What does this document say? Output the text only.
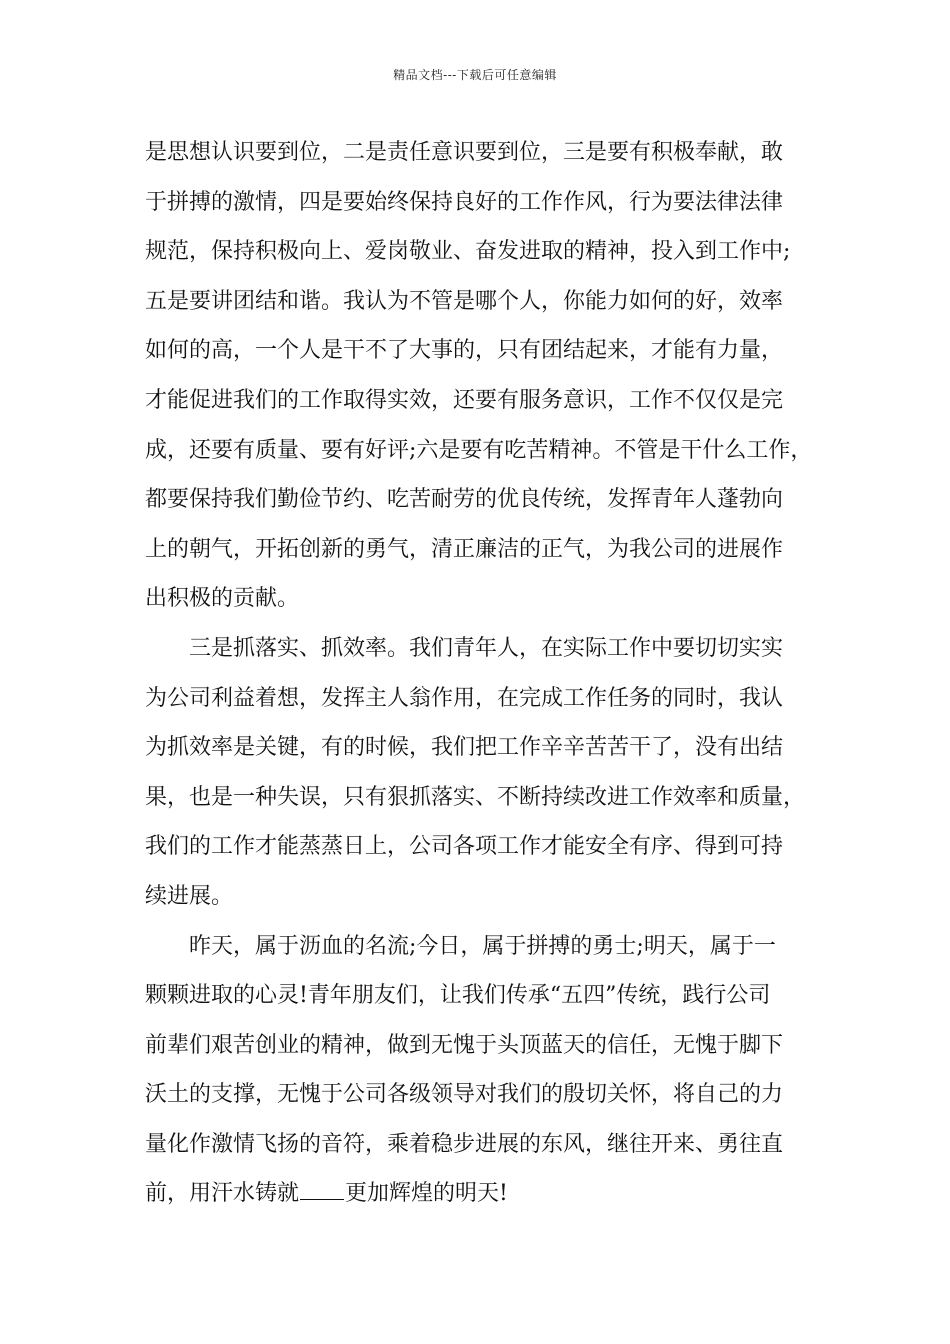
精品文档---下载后可任意编辑
是思想认识要到位，二是责任意识要到位，三是要有积极奉献，敢
于拼搏的激情，四是要始终保持良好的工作作风，行为要法律法律
规范，保持积极向上、爱岗敬业、奋发进取的精神，投入到工作中;
五是要讲团结和谐。我认为不管是哪个人，你能力如何的好，效率
如何的高，一个人是干不了大事的，只有团结起来，才能有力量，
才能促进我们的工作取得实效，还要有服务意识，工作不仅仅是完
成，还要有质量、要有好评;六是要有吃苦精神。不管是干什么工作，
都要保持我们勤俭节约、吃苦耐劳的优良传统，发挥青年人蓬勃向
上的朝气，开拓创新的勇气，清正廉洁的正气，为我公司的进展作
出积极的贡献。
　　三是抓落实、抓效率。我们青年人，在实际工作中要切切实实
为公司利益着想，发挥主人翁作用，在完成工作任务的同时，我认
为抓效率是关键，有的时候，我们把工作辛辛苦苦干了，没有出结
果，也是一种失误，只有狠抓落实、不断持续改进工作效率和质量，
我们的工作才能蒸蒸日上，公司各项工作才能安全有序、得到可持
续进展。
　　昨天，属于沥血的名流;今日，属于拼搏的勇士;明天，属于一
颗颗进取的心灵!青年朋友们，让我们传承“五四”传统，践行公司
前辈们艰苦创业的精神，做到无愧于头顶蓝天的信任，无愧于脚下
沃土的支撑，无愧于公司各级领导对我们的殷切关怀，将自己的力
量化作激情飞扬的音符，乘着稳步进展的东风，继往开来、勇往直
前，用汗水铸就 更加辉煌的明天!
